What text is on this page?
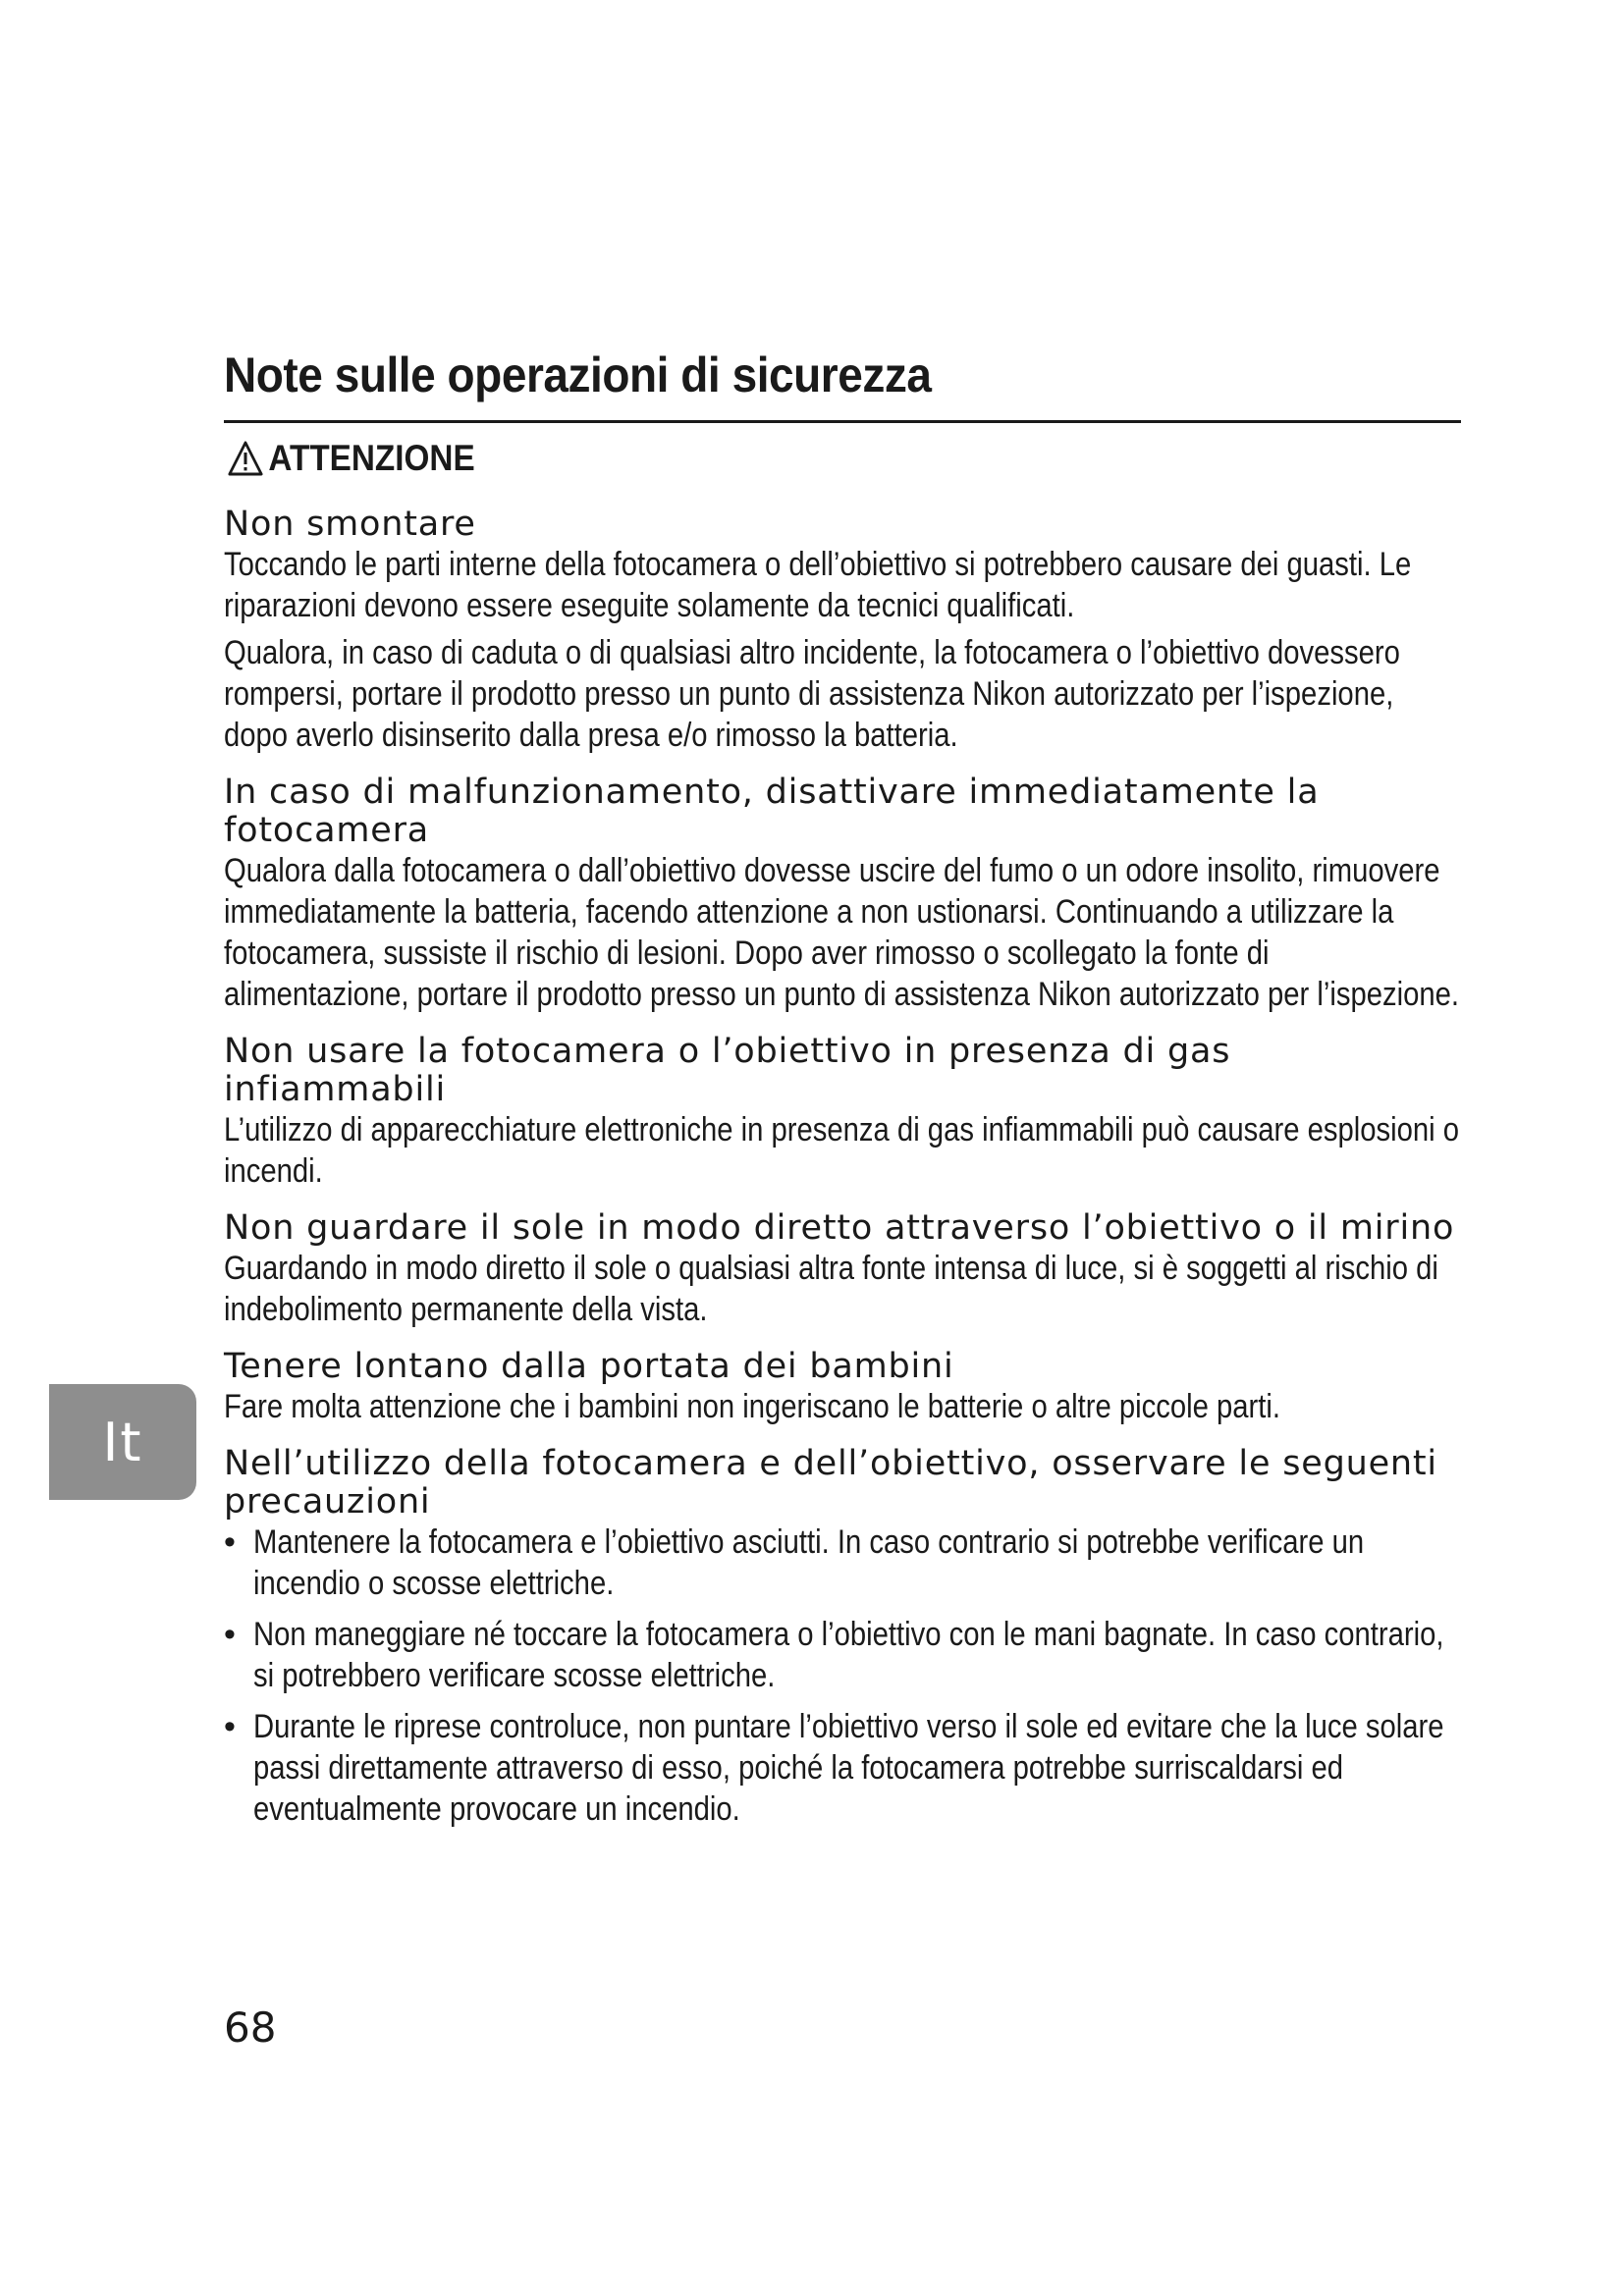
Note sulle operazioni di sicurezza
ATTENZIONE
Non smontare

Toccando le parti interne della fotocamera o dell’obiettivo si potrebbero causare dei guasti. Le riparazioni devono essere eseguite solamente da tecnici qualificati.

Qualora, in caso di caduta o di qualsiasi altro incidente, la fotocamera o l’obiettivo dovessero rompersi, portare il prodotto presso un punto di assistenza Nikon autorizzato per l’ispezione, dopo averlo disinserito dalla presa e/o rimosso la batteria.

In caso di malfunzionamento, disattivare immediatamente la fotocamera

Qualora dalla fotocamera o dall’obiettivo dovesse uscire del fumo o un odore insolito, rimuovere immediatamente la batteria, facendo attenzione a non ustionarsi. Continuando a utilizzare la fotocamera, sussiste il rischio di lesioni. Dopo aver rimosso o scollegato la fonte di alimentazione, portare il prodotto presso un punto di assistenza Nikon autorizzato per l’ispezione.

Non usare la fotocamera o l’obiettivo in presenza di gas infiammabili

L’utilizzo di apparecchiature elettroniche in presenza di gas infiammabili può causare esplosioni o incendi.

Non guardare il sole in modo diretto attraverso l’obiettivo o il mirino

Guardando in modo diretto il sole o qualsiasi altra fonte intensa di luce, si è soggetti al rischio di indebolimento permanente della vista.

Tenere lontano dalla portata dei bambini

Fare molta attenzione che i bambini non ingeriscano le batterie o altre piccole parti.

Nell’utilizzo della fotocamera e dell’obiettivo, osservare le seguenti precauzioni
• Mantenere la fotocamera e l’obiettivo asciutti. In caso contrario si potrebbe verificare un incendio o scosse elettriche.
• Non maneggiare né toccare la fotocamera o l’obiettivo con le mani bagnate. In caso contrario, si potrebbero verificare scosse elettriche.
• Durante le riprese controluce, non puntare l’obiettivo verso il sole ed evitare che la luce solare passi direttamente attraverso di esso, poiché la fotocamera potrebbe surriscaldarsi ed eventualmente provocare un incendio.
It
68
